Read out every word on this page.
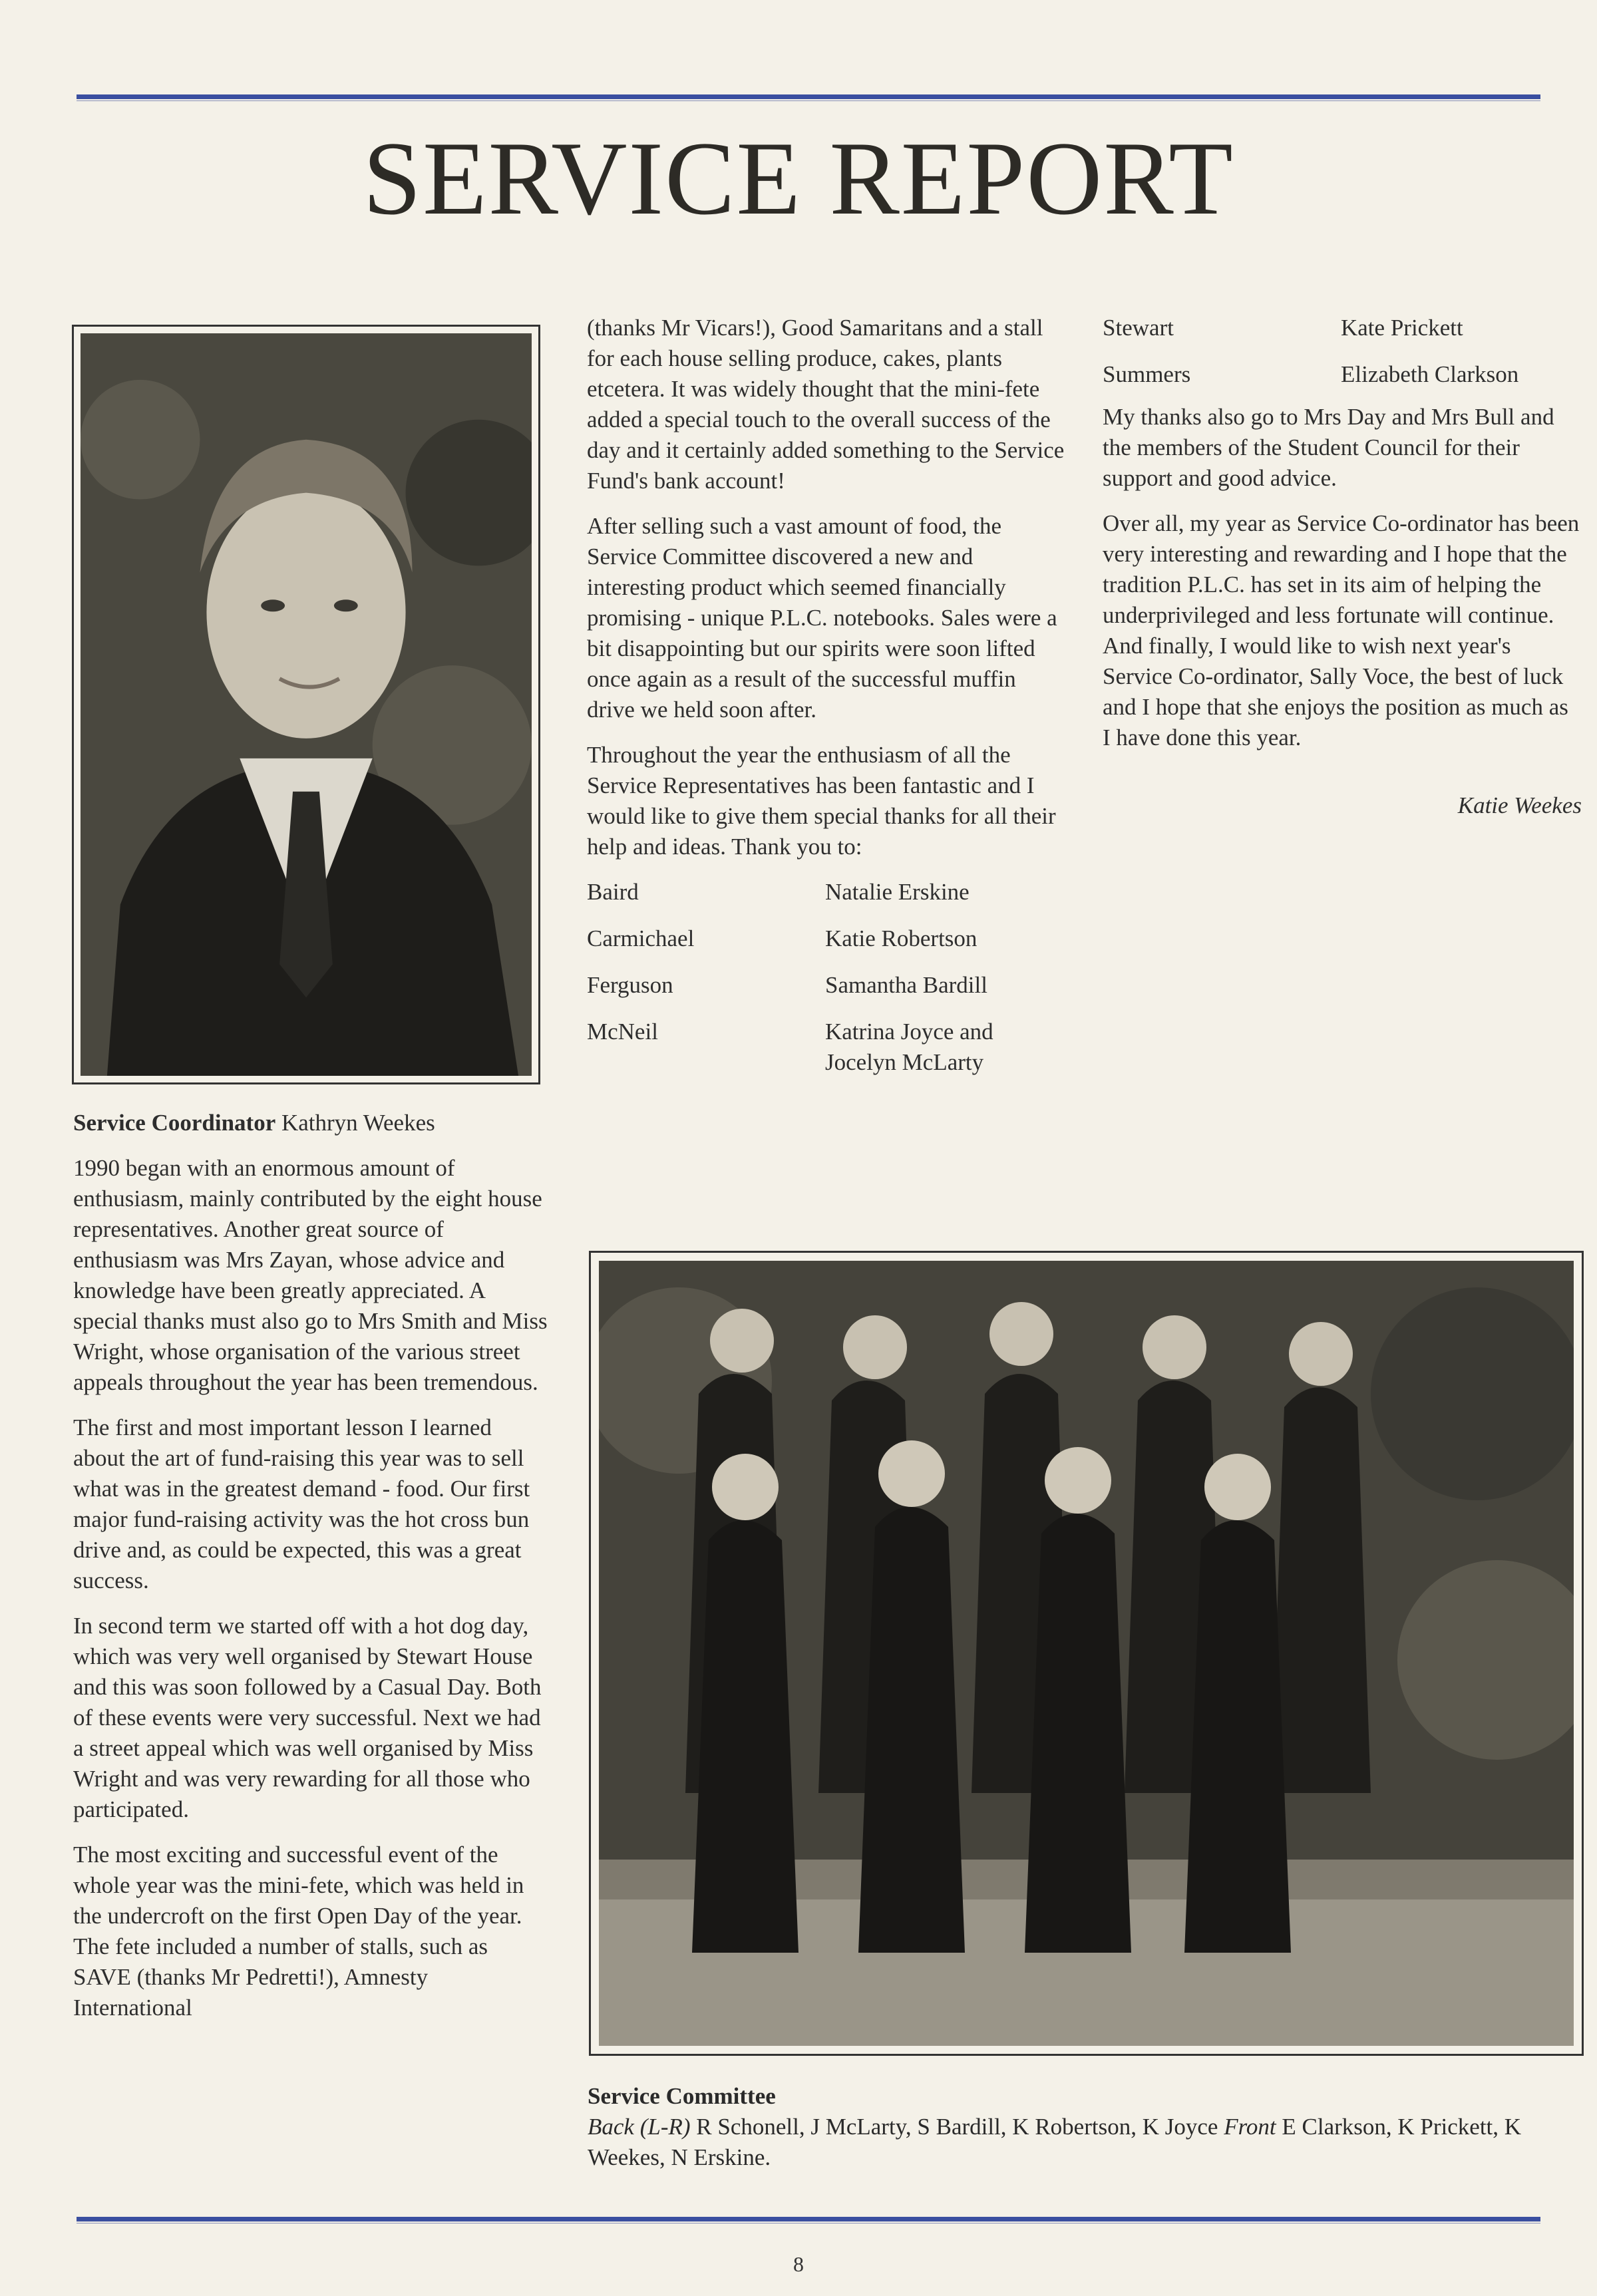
SERVICE REPORT

Service Coordinator Kathryn Weekes

1990 began with an enormous amount of enthusiasm, mainly contributed by the eight house representatives. Another great source of enthusiasm was Mrs Zayan, whose advice and knowledge have been greatly appreciated. A special thanks must also go to Mrs Smith and Miss Wright, whose organisation of the various street appeals throughout the year has been tremendous.

The first and most important lesson I learned about the art of fund-raising this year was to sell what was in the greatest demand - food. Our first major fund-raising activity was the hot cross bun drive and, as could be expected, this was a great success.

In second term we started off with a hot dog day, which was very well organised by Stewart House and this was soon followed by a Casual Day. Both of these events were very successful. Next we had a street appeal which was well organised by Miss Wright and was very rewarding for all those who participated.

The most exciting and successful event of the whole year was the mini-fete, which was held in the undercroft on the first Open Day of the year. The fete included a number of stalls, such as SAVE (thanks Mr Pedretti!), Amnesty International

(thanks Mr Vicars!), Good Samaritans and a stall for each house selling produce, cakes, plants etcetera. It was widely thought that the mini-fete added a special touch to the overall success of the day and it certainly added something to the Service Fund's bank account!

After selling such a vast amount of food, the Service Committee discovered a new and interesting product which seemed financially promising - unique P.L.C. notebooks. Sales were a bit disappointing but our spirits were soon lifted once again as a result of the successful muffin drive we held soon after.

Throughout the year the enthusiasm of all the Service Representatives has been fantastic and I would like to give them special thanks for all their help and ideas. Thank you to:

Baird	Natalie Erskine
Carmichael	Katie Robertson
Ferguson	Samantha Bardill
McNeil	Katrina Joyce and Jocelyn McLarty
Stewart	Kate Prickett
Summers	Elizabeth Clarkson

My thanks also go to Mrs Day and Mrs Bull and the members of the Student Council for their support and good advice.

Over all, my year as Service Co-ordinator has been very interesting and rewarding and I hope that the tradition P.L.C. has set in its aim of helping the underprivileged and less fortunate will continue. And finally, I would like to wish next year's Service Co-ordinator, Sally Voce, the best of luck and I hope that she enjoys the position as much as I have done this year.

Katie Weekes
Service Committee
Back (L-R) R Schonell, J McLarty, S Bardill, K Robertson, K Joyce Front E Clarkson, K Prickett, K Weekes, N Erskine.
8
